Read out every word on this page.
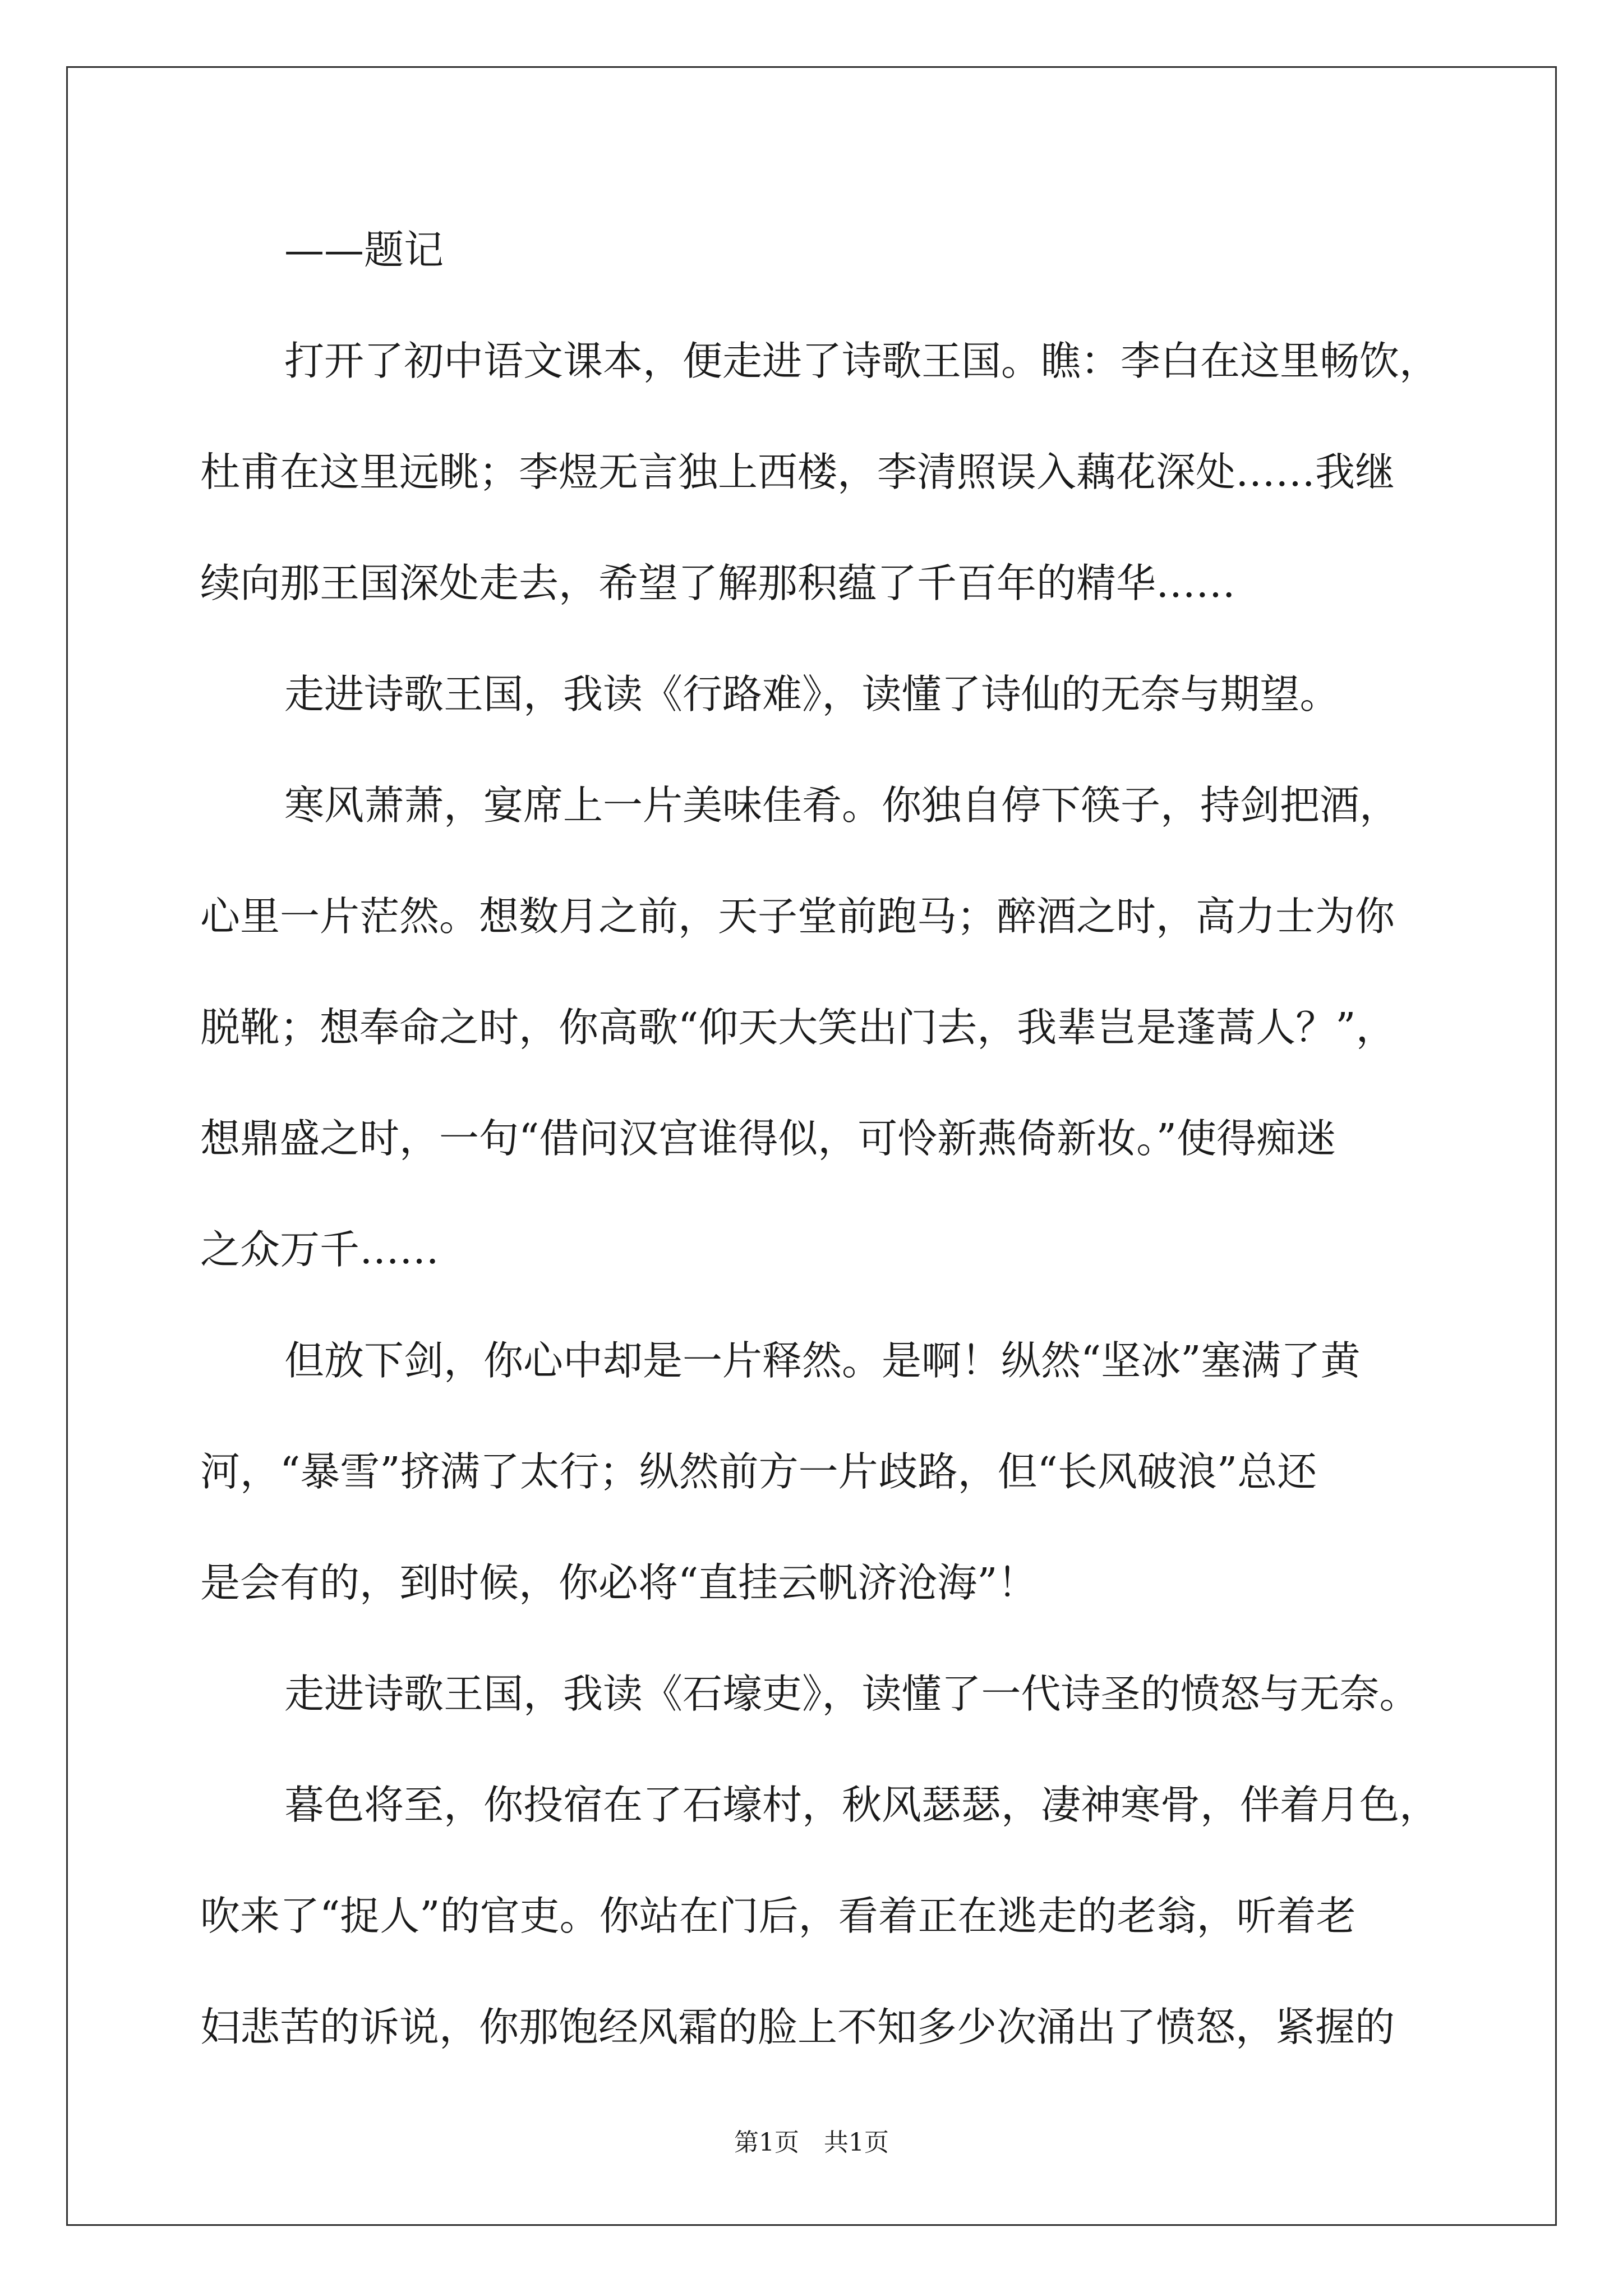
——题记
打开了初中语文课本，便走进了诗歌王国。瞧：李白在这里畅饮，
杜甫在这里远眺；李煜无言独上西楼，李清照误入藕花深处……我继
续向那王国深处走去，希望了解那积蕴了千百年的精华……
走进诗歌王国，我读《行路难》，读懂了诗仙的无奈与期望。
寒风萧萧，宴席上一片美味佳肴。你独自停下筷子，持剑把酒，
心里一片茫然。想数月之前，天子堂前跑马；醉酒之时，高力士为你
脱靴；想奉命之时，你高歌“仰天大笑出门去，我辈岂是蓬蒿人？”，
想鼎盛之时，一句“借问汉宫谁得似，可怜新燕倚新妆。”使得痴迷
之众万千……
但放下剑，你心中却是一片释然。是啊！纵然“坚冰”塞满了黄
河，“暴雪”挤满了太行；纵然前方一片歧路，但“长风破浪”总还
是会有的，到时候，你必将“直挂云帆济沧海”！
走进诗歌王国，我读《石壕吏》，读懂了一代诗圣的愤怒与无奈。
暮色将至，你投宿在了石壕村，秋风瑟瑟，凄神寒骨，伴着月色，
吹来了“捉人”的官吏。你站在门后，看着正在逃走的老翁，听着老
妇悲苦的诉说，你那饱经风霜的脸上不知多少次涌出了愤怒，紧握的
第1页　共1页
